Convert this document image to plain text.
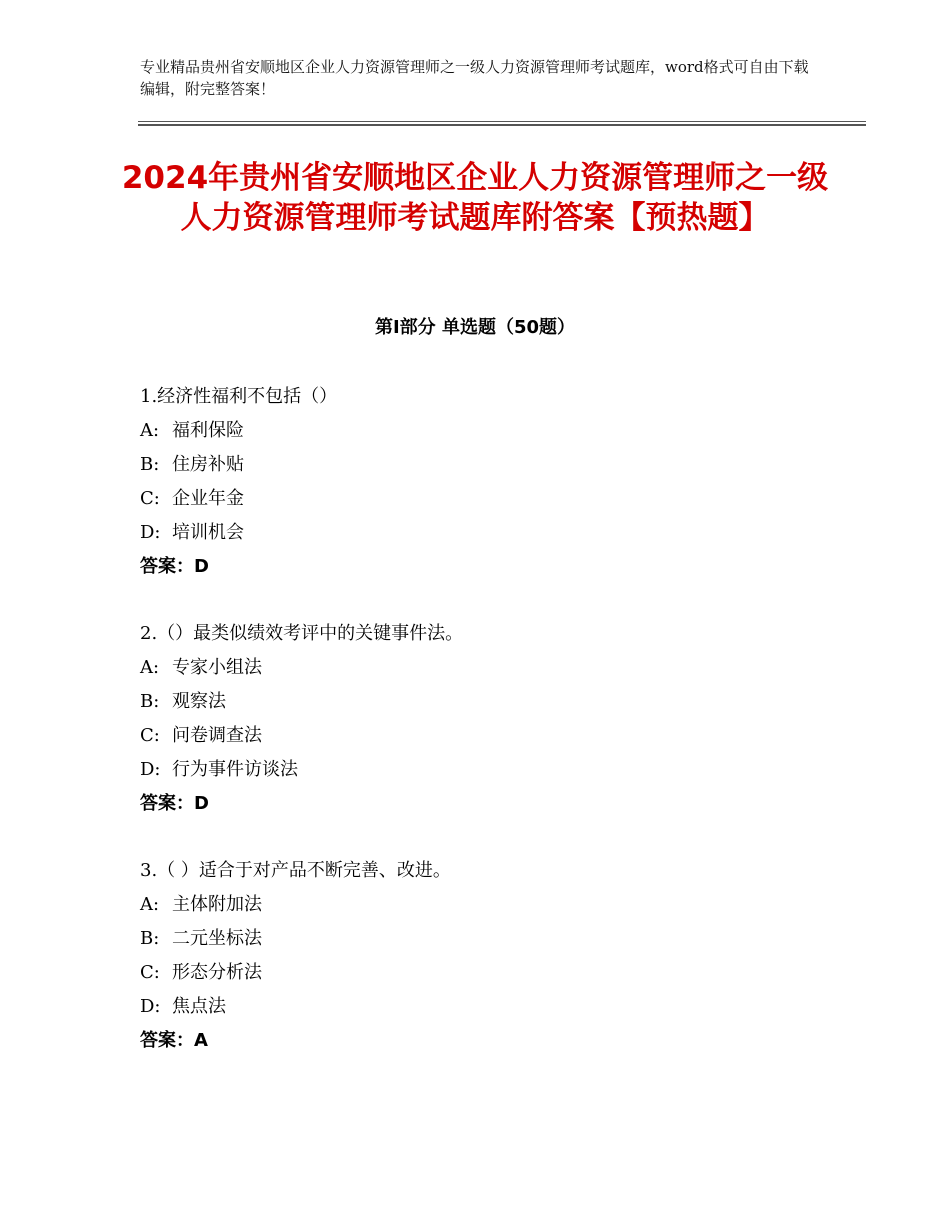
专业精品贵州省安顺地区企业人力资源管理师之一级人力资源管理师考试题库，word格式可自由下载编辑，附完整答案！
2024年贵州省安顺地区企业人力资源管理师之一级人力资源管理师考试题库附答案【预热题】
第Ⅰ部分 单选题（50题）
1.经济性福利不包括（）
A: 福利保险
B: 住房补贴
C: 企业年金
D: 培训机会
答案：D
2.（）最类似绩效考评中的关键事件法。
A: 专家小组法
B: 观察法
C: 问卷调查法
D: 行为事件访谈法
答案：D
3.（ ）适合于对产品不断完善、改进。
A: 主体附加法
B: 二元坐标法
C: 形态分析法
D: 焦点法
答案：A
